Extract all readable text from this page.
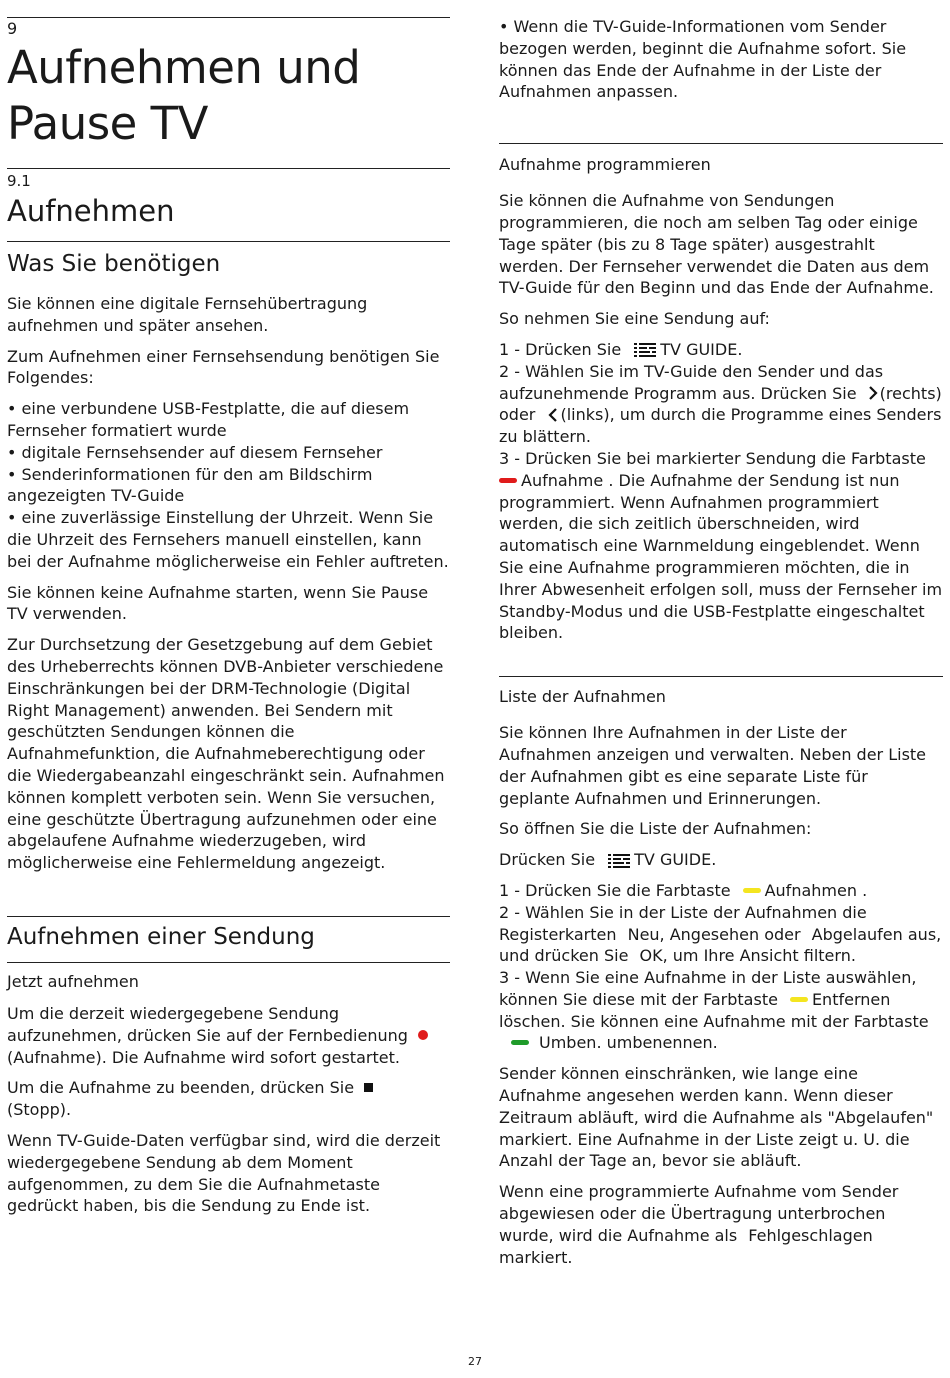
9
Aufnehmen und
Pause TV
9.1
Aufnehmen
Was Sie benötigen

Sie können eine digitale Fernsehübertragung aufnehmen und später ansehen.

Zum Aufnehmen einer Fernsehsendung benötigen Sie Folgendes:

• eine verbundene USB-Festplatte, die auf diesem Fernseher formatiert wurde
• digitale Fernsehsender auf diesem Fernseher
• Senderinformationen für den am Bildschirm angezeigten TV-Guide
• eine zuverlässige Einstellung der Uhrzeit. Wenn Sie die Uhrzeit des Fernsehers manuell einstellen, kann bei der Aufnahme möglicherweise ein Fehler auftreten.

Sie können keine Aufnahme starten, wenn Sie Pause TV verwenden.

Zur Durchsetzung der Gesetzgebung auf dem Gebiet des Urheberrechts können DVB-Anbieter verschiedene Einschränkungen bei der DRM-Technologie (Digital Right Management) anwenden. Bei Sendern mit geschützten Sendungen können die Aufnahmefunktion, die Aufnahmeberechtigung oder die Wiedergabeanzahl eingeschränkt sein. Aufnahmen können komplett verboten sein. Wenn Sie versuchen, eine geschützte Übertragung aufzunehmen oder eine abgelaufene Aufnahme wiederzugeben, wird möglicherweise eine Fehlermeldung angezeigt.

Aufnehmen einer Sendung
Jetzt aufnehmen

Um die derzeit wiedergegebene Sendung aufzunehmen, drücken Sie auf der Fernbedienung(Aufnahme). Die Aufnahme wird sofort gestartet.

Um die Aufnahme zu beenden, drücken Sie
(Stopp).

Wenn TV-Guide-Daten verfügbar sind, wird die derzeit wiedergegebene Sendung ab dem Moment aufgenommen, zu dem Sie die Aufnahmetaste gedrückt haben, bis die Sendung zu Ende ist.

• Wenn die TV-Guide-Informationen vom Sender bezogen werden, beginnt die Aufnahme sofort. Sie können das Ende der Aufnahme in der Liste der Aufnahmen anpassen.

Aufnahme programmieren

Sie können die Aufnahme von Sendungen programmieren, die noch am selben Tag oder einige Tage später (bis zu 8 Tage später) ausgestrahlt werden. Der Fernseher verwendet die Daten aus dem TV-Guide für den Beginn und das Ende der Aufnahme.

So nehmen Sie eine Sendung auf:

1 - Drücken Sie TV GUIDE.
2 - Wählen Sie im TV-Guide den Sender und das aufzunehmende Programm aus. Drücken Sie (rechts) oder (links), um durch die Programme eines Senders zu blättern.
3 - Drücken Sie bei markierter Sendung die Farbtaste
Aufnahme . Die Aufnahme der Sendung ist nun programmiert. Wenn Aufnahmen programmiert werden, die sich zeitlich überschneiden, wird automatisch eine Warnmeldung eingeblendet. Wenn Sie eine Aufnahme programmieren möchten, die in Ihrer Abwesenheit erfolgen soll, muss der Fernseher im Standby-Modus und die USB-Festplatte eingeschaltet bleiben.

Liste der Aufnahmen

Sie können Ihre Aufnahmen in der Liste der Aufnahmen anzeigen und verwalten. Neben der Liste der Aufnahmen gibt es eine separate Liste für geplante Aufnahmen und Erinnerungen.

So öffnen Sie die Liste der Aufnahmen:

Drücken Sie TV GUIDE.

1 - Drücken Sie die Farbtaste Aufnahmen .
2 - Wählen Sie in der Liste der Aufnahmen die Registerkarten Neu, Angesehen oder Abgelaufen aus, und drücken Sie OK, um Ihre Ansicht filtern.
3 - Wenn Sie eine Aufnahme in der Liste auswählen, können Sie diese mit der Farbtaste Entfernen löschen. Sie können eine Aufnahme mit der FarbtasteUmben. umbenennen.

Sender können einschränken, wie lange eine Aufnahme angesehen werden kann. Wenn dieser Zeitraum abläuft, wird die Aufnahme als "Abgelaufen" markiert. Eine Aufnahme in der Liste zeigt u. U. die Anzahl der Tage an, bevor sie abläuft.

Wenn eine programmierte Aufnahme vom Sender abgewiesen oder die Übertragung unterbrochen wurde, wird die Aufnahme als Fehlgeschlagen markiert.

27
